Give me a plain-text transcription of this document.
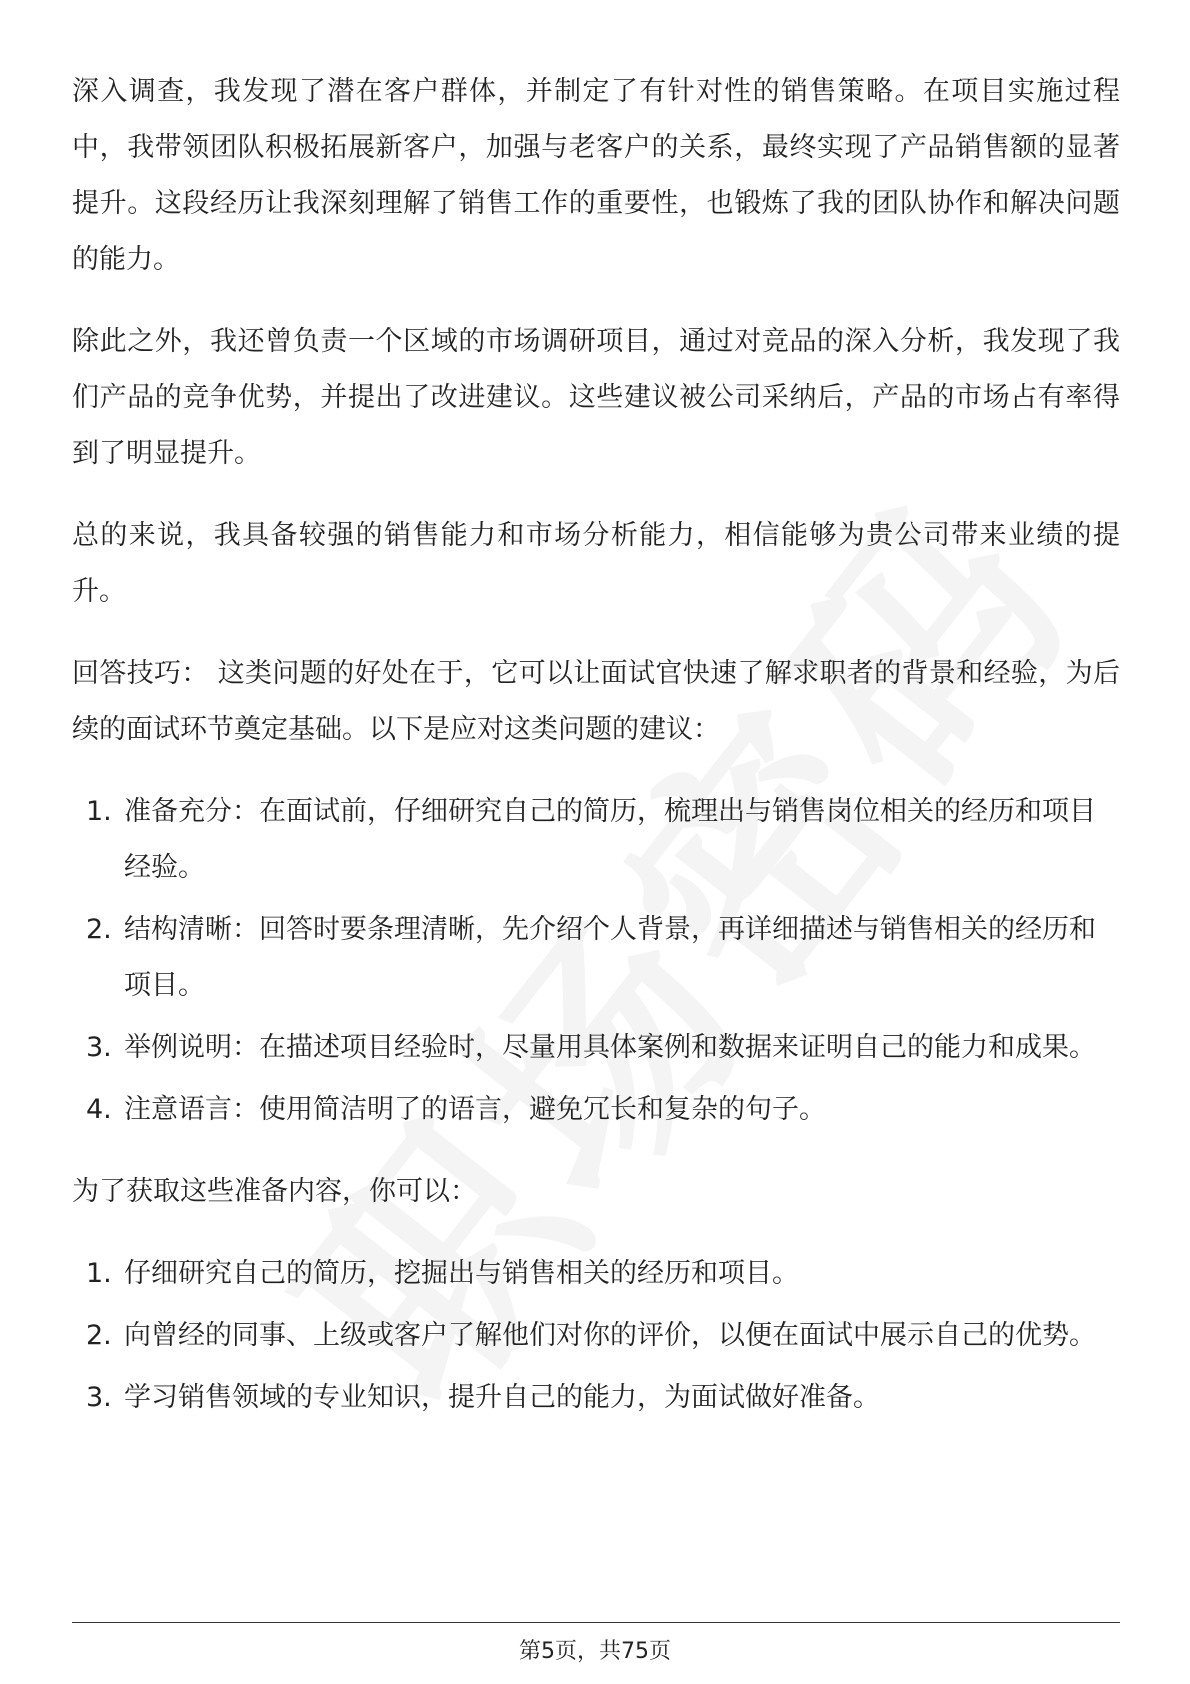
深入调查，我发现了潜在客户群体，并制定了有针对性的销售策略。在项目实施过程中，我带领团队积极拓展新客户，加强与老客户的关系，最终实现了产品销售额的显著提升。这段经历让我深刻理解了销售工作的重要性，也锻炼了我的团队协作和解决问题的能力。

除此之外，我还曾负责一个区域的市场调研项目，通过对竞品的深入分析，我发现了我们产品的竞争优势，并提出了改进建议。这些建议被公司采纳后，产品的市场占有率得到了明显提升。

总的来说，我具备较强的销售能力和市场分析能力，相信能够为贵公司带来业绩的提升。

回答技巧： 这类问题的好处在于，它可以让面试官快速了解求职者的背景和经验，为后续的面试环节奠定基础。以下是应对这类问题的建议：

1. 准备充分：在面试前，仔细研究自己的简历，梳理出与销售岗位相关的经历和项目经验。
2. 结构清晰：回答时要条理清晰，先介绍个人背景，再详细描述与销售相关的经历和项目。
3. 举例说明：在描述项目经验时，尽量用具体案例和数据来证明自己的能力和成果。
4. 注意语言：使用简洁明了的语言，避免冗长和复杂的句子。

为了获取这些准备内容，你可以：

1. 仔细研究自己的简历，挖掘出与销售相关的经历和项目。
2. 向曾经的同事、上级或客户了解他们对你的评价，以便在面试中展示自己的优势。
3. 学习销售领域的专业知识，提升自己的能力，为面试做好准备。
第5页，共75页
